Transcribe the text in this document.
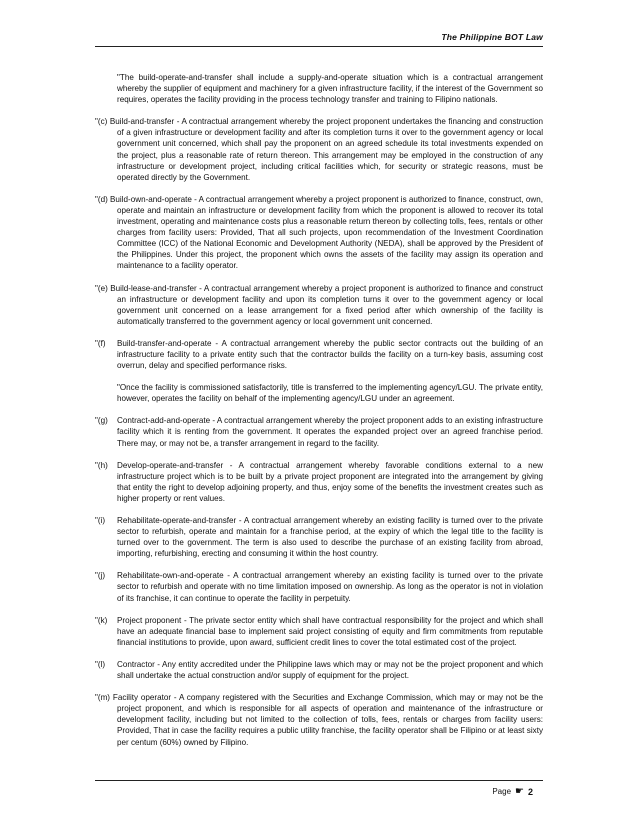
The Philippine BOT Law

"The build-operate-and-transfer shall include a supply-and-operate situation which is a contractual arrangement whereby the supplier of equipment and machinery for a given infrastructure facility, if the interest of the Government so requires, operates the facility providing in the process technology transfer and training to Filipino nationals.

"(c) Build-and-transfer - A contractual arrangement whereby the project proponent undertakes the financing and construction of a given infrastructure or development facility and after its completion turns it over to the government agency or local government unit concerned, which shall pay the proponent on an agreed schedule its total investments expended on the project, plus a reasonable rate of return thereon. This arrangement may be employed in the construction of any infrastructure or development project, including critical facilities which, for security or strategic reasons, must be operated directly by the Government.
"(d) Build-own-and-operate - A contractual arrangement whereby a project proponent is authorized to finance, construct, own, operate and maintain an infrastructure or development facility from which the proponent is allowed to recover its total investment, operating and maintenance costs plus a reasonable return thereon by collecting tolls, fees, rentals or other charges from facility users: Provided, That all such projects, upon recommendation of the Investment Coordination Committee (ICC) of the National Economic and Development Authority (NEDA), shall be approved by the President of the Philippines. Under this project, the proponent which owns the assets of the facility may assign its operation and maintenance to a facility operator.
"(e) Build-lease-and-transfer - A contractual arrangement whereby a project proponent is authorized to finance and construct an infrastructure or development facility and upon its completion turns it over to the government agency or local government unit concerned on a lease arrangement for a fixed period after which ownership of the facility is automatically transferred to the government agency or local government unit concerned.
"(f)	Build-transfer-and-operate - A contractual arrangement whereby the public sector contracts out the building of an infrastructure facility to a private entity such that the contractor builds the facility on a turn-key basis, assuming cost overrun, delay and specified performance risks.

"Once the facility is commissioned satisfactorily, title is transferred to the implementing agency/LGU. The private entity, however, operates the facility on behalf of the implementing agency/LGU under an agreement.

"(g)	Contract-add-and-operate - A contractual arrangement whereby the project proponent adds to an existing infrastructure facility which it is renting from the government. It operates the expanded project over an agreed franchise period. There may, or may not be, a transfer arrangement in regard to the facility.
"(h)	Develop-operate-and-transfer - A contractual arrangement whereby favorable conditions external to a new infrastructure project which is to be built by a private project proponent are integrated into the arrangement by giving that entity the right to develop adjoining property, and thus, enjoy some of the benefits the investment creates such as higher property or rent values.
"(i)	Rehabilitate-operate-and-transfer - A contractual arrangement whereby an existing facility is turned over to the private sector to refurbish, operate and maintain for a franchise period, at the expiry of which the legal title to the facility is turned over to the government. The term is also used to describe the purchase of an existing facility from abroad, importing, refurbishing, erecting and consuming it within the host country.
"(j)	Rehabilitate-own-and-operate - A contractual arrangement whereby an existing facility is turned over to the private sector to refurbish and operate with no time limitation imposed on ownership. As long as the operator is not in violation of its franchise, it can continue to operate the facility in perpetuity.
"(k)	Project proponent - The private sector entity which shall have contractual responsibility for the project and which shall have an adequate financial base to implement said project consisting of equity and firm commitments from reputable financial institutions to provide, upon award, sufficient credit lines to cover the total estimated cost of the project.
"(l)	Contractor - Any entity accredited under the Philippine laws which may or may not be the project proponent and which shall undertake the actual construction and/or supply of equipment for the project.
"(m) Facility operator - A company registered with the Securities and Exchange Commission, which may or may not be the project proponent, and which is responsible for all aspects of operation and maintenance of the infrastructure or development facility, including but not limited to the collection of tolls, fees, rentals or charges from facility users: Provided, That in case the facility requires a public utility franchise, the facility operator shall be Filipino or at least sixty per centum (60%) owned by Filipino.
Page ☛ 2
